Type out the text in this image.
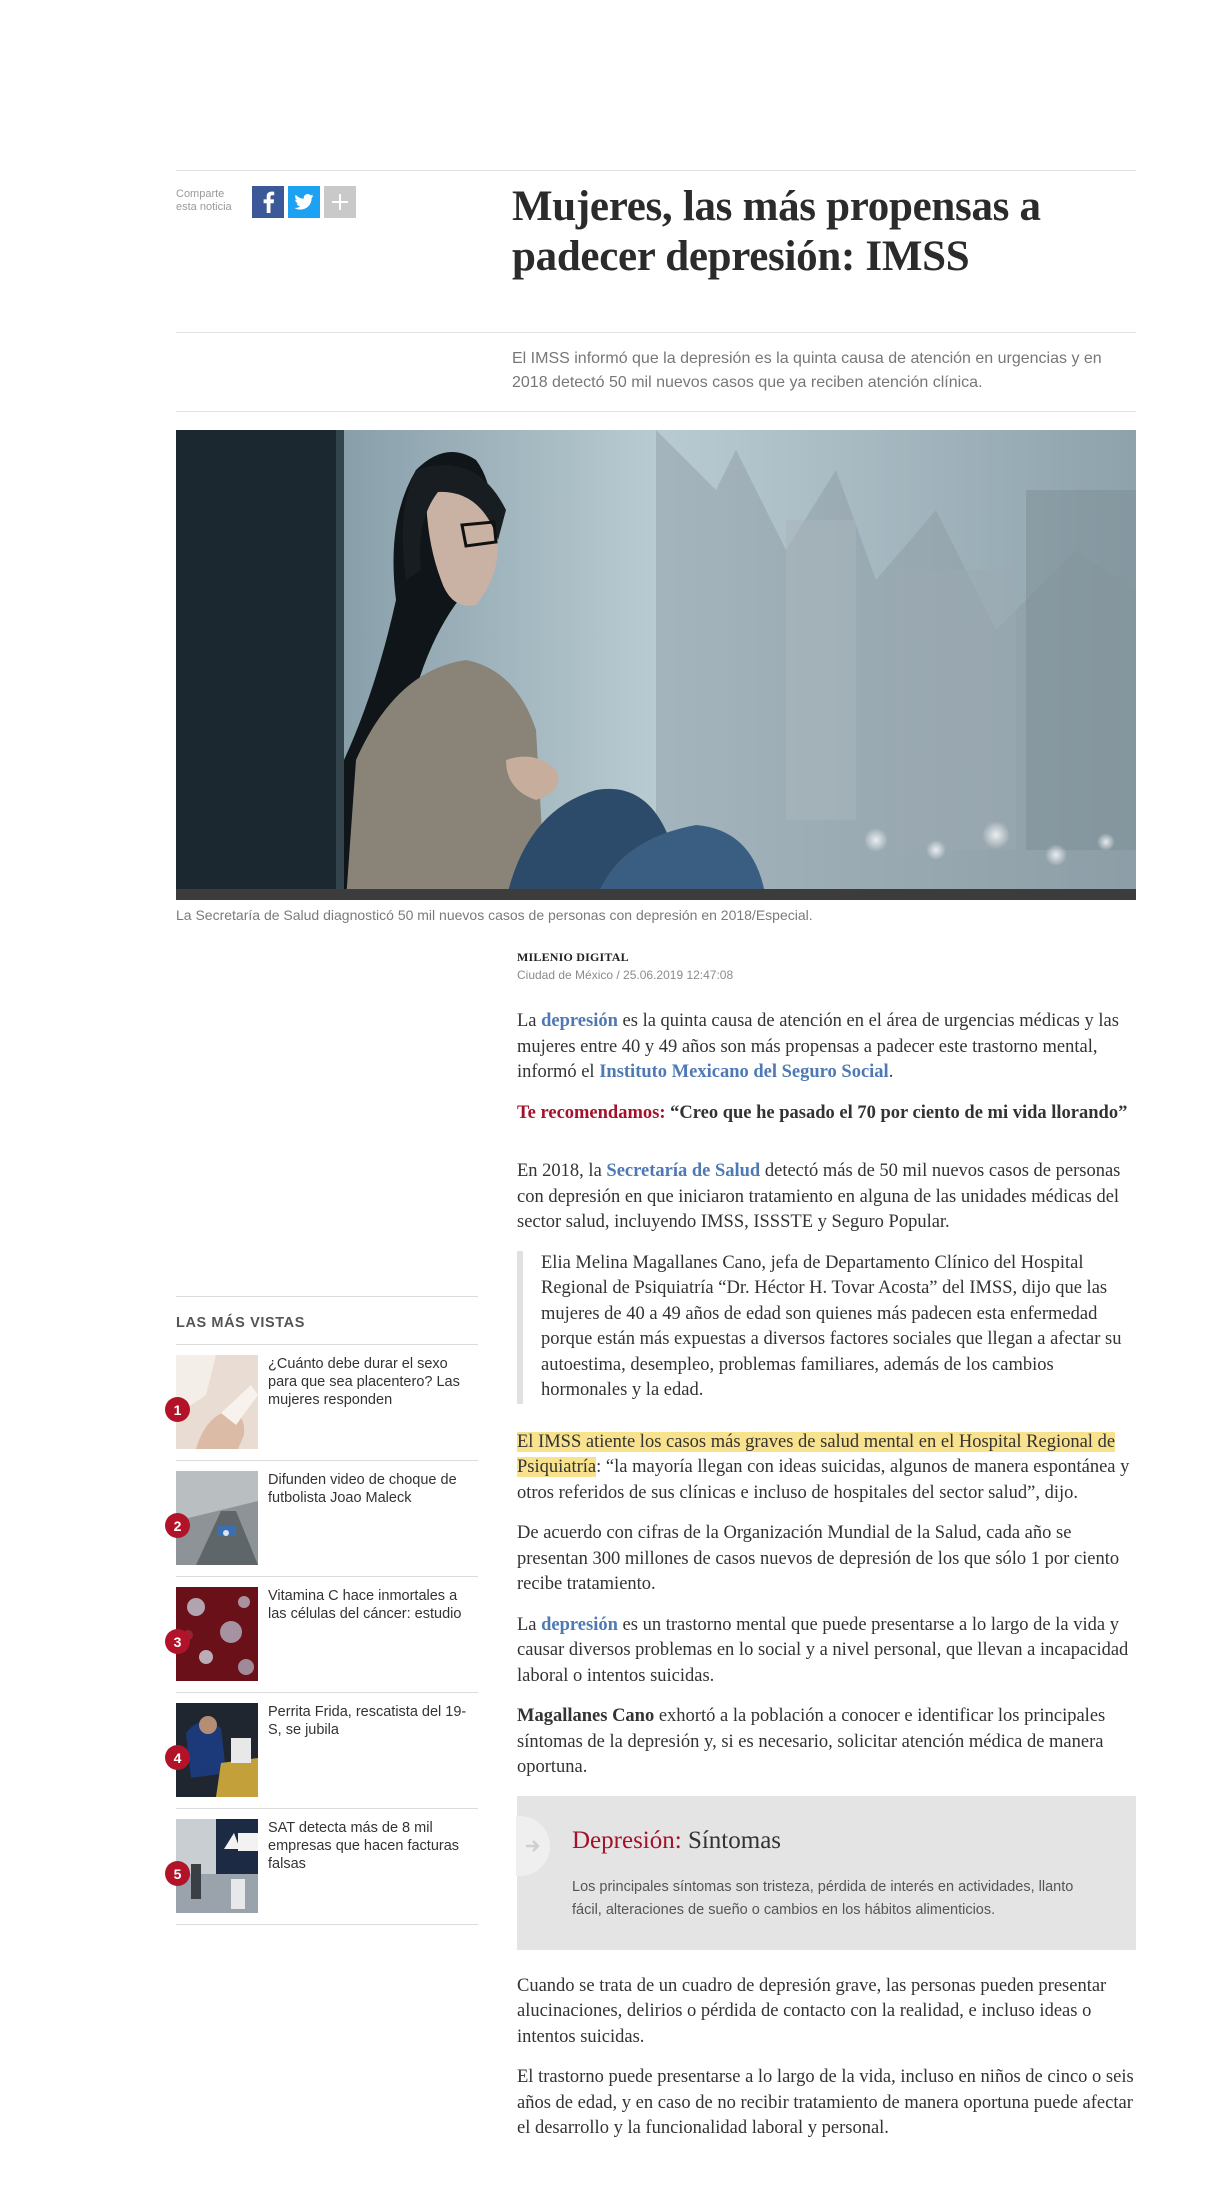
Comparte esta noticia	Mujeres, las más propensas a padecer depresión: IMSS
El IMSS informó que la depresión es la quinta causa de atención en urgencias y en 2018 detectó 50 mil nuevos casos que ya reciben atención clínica.
La Secretaría de Salud diagnosticó 50 mil nuevos casos de personas con depresión en 2018/Especial.
MILENIO DIGITAL
Ciudad de México / 25.06.2019 12:47:08

La depresión es la quinta causa de atención en el área de urgencias médicas y las mujeres entre 40 y 49 años son más propensas a padecer este trastorno mental, informó el Instituto Mexicano del Seguro Social.

Te recomendamos: “Creo que he pasado el 70 por ciento de mi vida llorando”

En 2018, la Secretaría de Salud detectó más de 50 mil nuevos casos de personas con depresión en que iniciaron tratamiento en alguna de las unidades médicas del sector salud, incluyendo IMSS, ISSSTE y Seguro Popular.

Elia Melina Magallanes Cano, jefa de Departamento Clínico del Hospital Regional de Psiquiatría “Dr. Héctor H. Tovar Acosta” del IMSS, dijo que las mujeres de 40 a 49 años de edad son quienes más padecen esta enfermedad porque están más expuestas a diversos factores sociales que llegan a afectar su autoestima, desempleo, problemas familiares, además de los cambios hormonales y la edad.

El IMSS atiente los casos más graves de salud mental en el Hospital Regional de Psiquiatría: “la mayoría llegan con ideas suicidas, algunos de manera espontánea y otros referidos de sus clínicas e incluso de hospitales del sector salud”, dijo.

De acuerdo con cifras de la Organización Mundial de la Salud, cada año se presentan 300 millones de casos nuevos de depresión de los que sólo 1 por ciento recibe tratamiento.

La depresión es un trastorno mental que puede presentarse a lo largo de la vida y causar diversos problemas en lo social y a nivel personal, que llevan a incapacidad laboral o intentos suicidas.

Magallanes Cano exhortó a la población a conocer e identificar los principales síntomas de la depresión y, si es necesario, solicitar atención médica de manera oportuna.

Depresión: Síntomas
Los principales síntomas son tristeza, pérdida de interés en actividades, llanto fácil, alteraciones de sueño o cambios en los hábitos alimenticios.

Cuando se trata de un cuadro de depresión grave, las personas pueden presentar alucinaciones, delirios o pérdida de contacto con la realidad, e incluso ideas o intentos suicidas.

El trastorno puede presentarse a lo largo de la vida, incluso en niños de cinco o seis años de edad, y en caso de no recibir tratamiento de manera oportuna puede afectar el desarrollo y la funcionalidad laboral y personal.

LAS MÁS VISTAS
1
¿Cuánto debe durar el sexo para que sea placentero? Las mujeres responden
2
Difunden video de choque de futbolista Joao Maleck
3
Vitamina C hace inmortales a las células del cáncer: estudio
4
Perrita Frida, rescatista del 19-S, se jubila
5
SAT detecta más de 8 mil empresas que hacen facturas falsas
